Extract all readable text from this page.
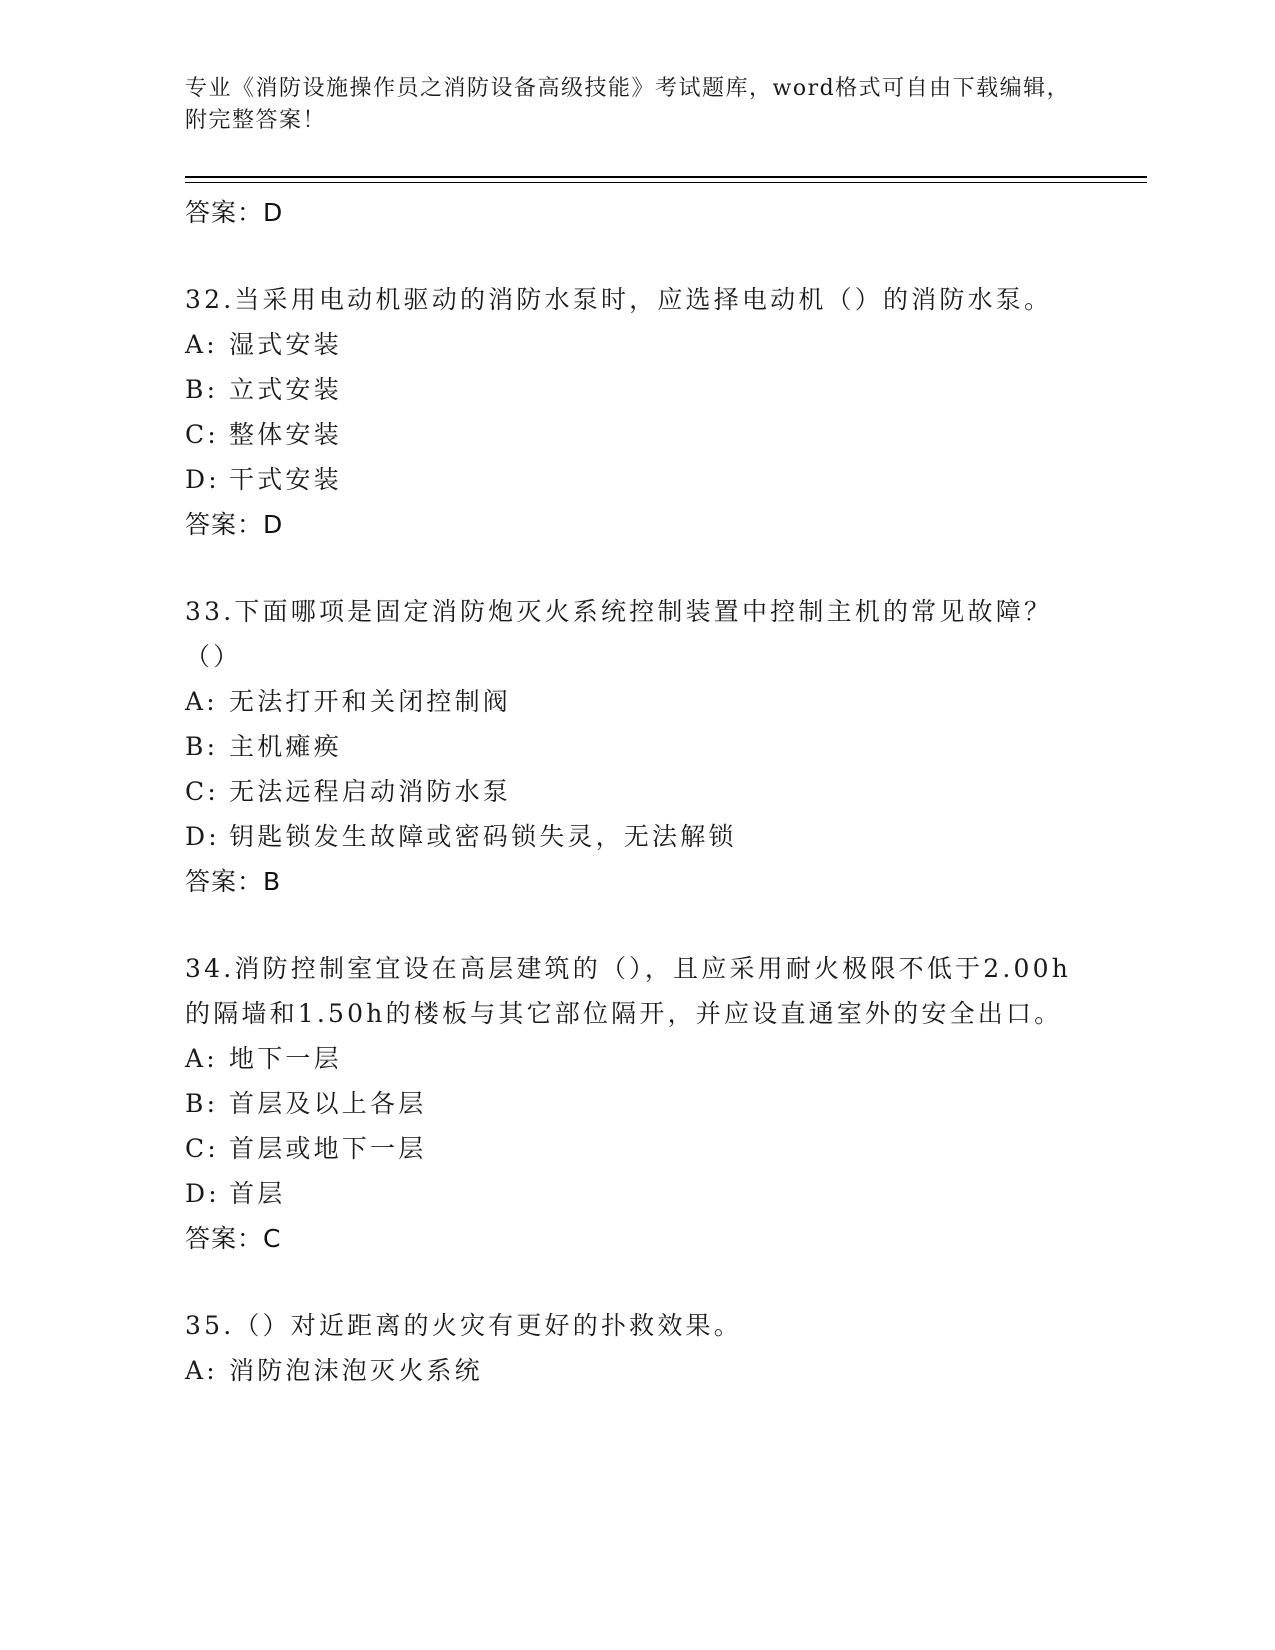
专业《消防设施操作员之消防设备高级技能》考试题库，word格式可自由下载编辑，附完整答案！
答案：D
32.当采用电动机驱动的消防水泵时，应选择电动机（）的消防水泵。
A: 湿式安装
B: 立式安装
C: 整体安装
D: 干式安装
答案：D
33.下面哪项是固定消防炮灭火系统控制装置中控制主机的常见故障？（）
A: 无法打开和关闭控制阀
B: 主机瘫痪
C: 无法远程启动消防水泵
D: 钥匙锁发生故障或密码锁失灵，无法解锁
答案：B
34.消防控制室宜设在高层建筑的（），且应采用耐火极限不低于2.00h的隔墙和1.50h的楼板与其它部位隔开，并应设直通室外的安全出口。
A: 地下一层
B: 首层及以上各层
C: 首层或地下一层
D: 首层
答案：C
35.（）对近距离的火灾有更好的扑救效果。
A: 消防泡沫泡灭火系统
